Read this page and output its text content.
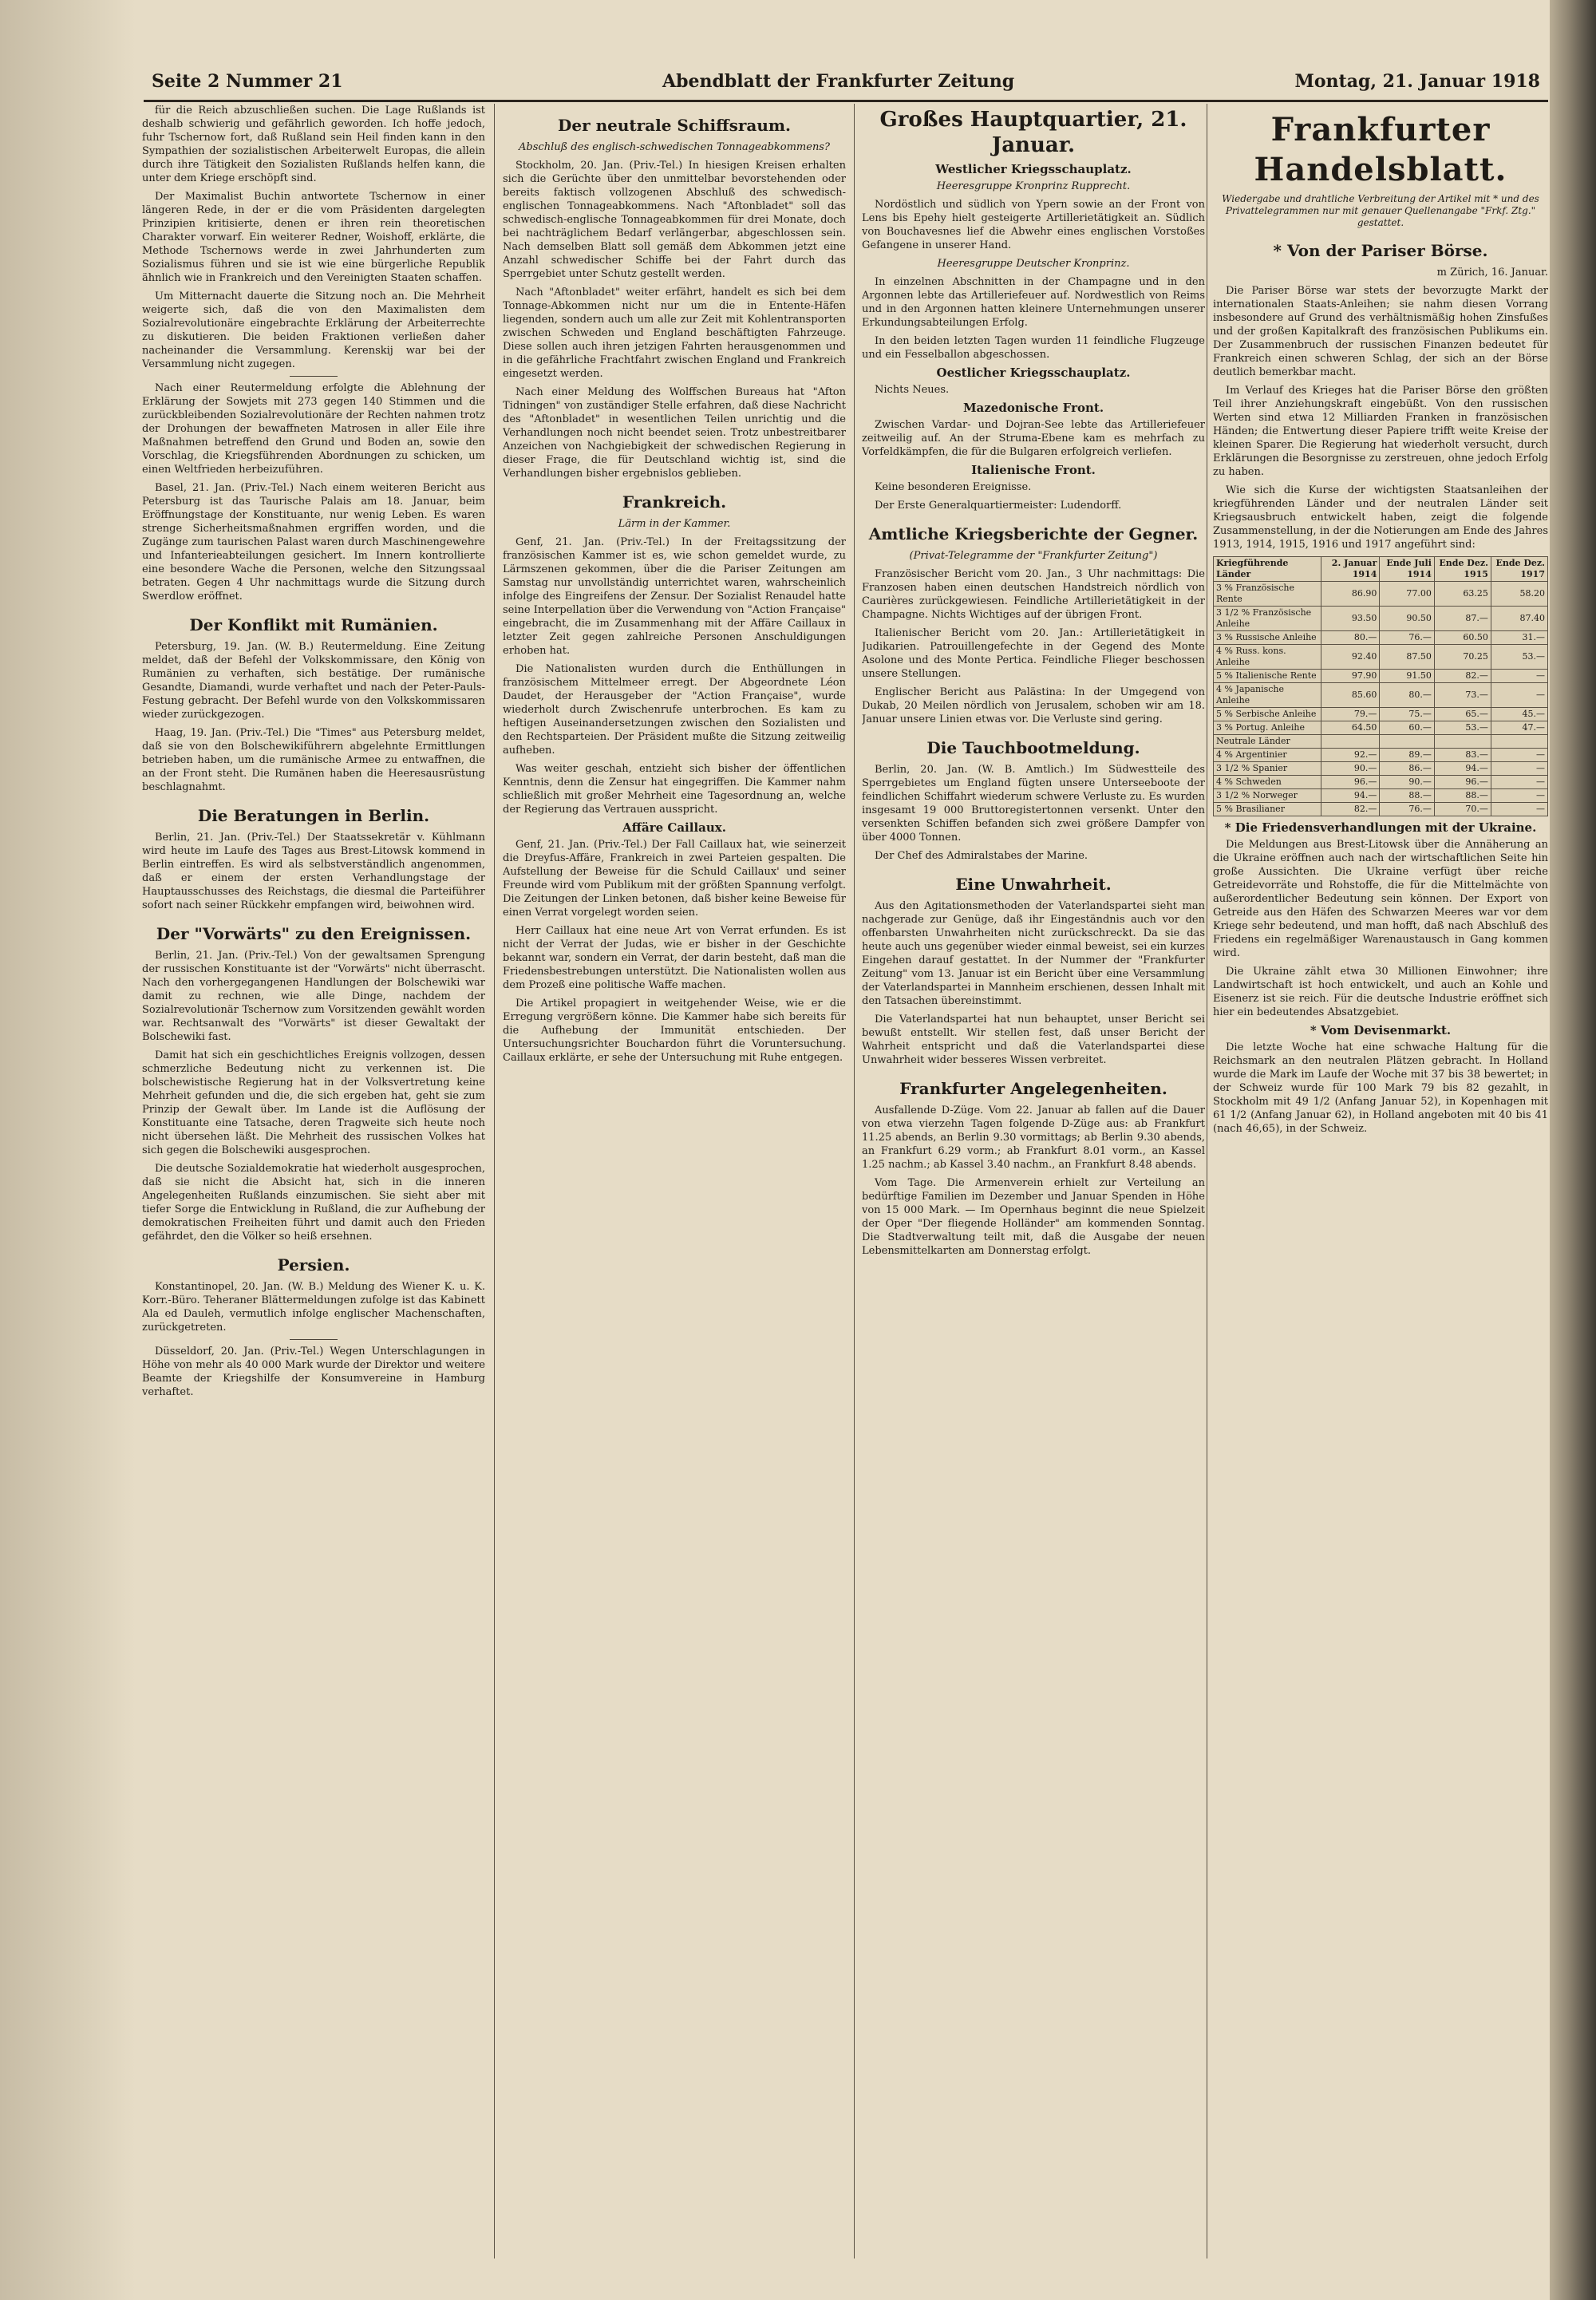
Seite 2 Nummer 21	Abendblatt der Frankfurter Zeitung	Montag, 21. Januar 1918

für die Reich abzuschließen suchen. Die Lage Rußlands ist deshalb schwierig und gefährlich geworden. Ich hoffe jedoch, fuhr Tschernow fort, daß Rußland sein Heil finden kann in den Sympathien der sozialistischen Arbeiterwelt Europas, die allein durch ihre Tätigkeit den Sozialisten Rußlands helfen kann, die unter dem Kriege erschöpft sind.

Der Maximalist Buchin antwortete Tschernow in einer längeren Rede, in der er die vom Präsidenten dargelegten Prinzipien kritisierte, denen er ihren rein theoretischen Charakter vorwarf. Ein weiterer Redner, Woishoff, erklärte, die Methode Tschernows werde in zwei Jahrhunderten zum Sozialismus führen und sie ist wie eine bürgerliche Republik ähnlich wie in Frankreich und den Vereinigten Staaten schaffen.

Um Mitternacht dauerte die Sitzung noch an. Die Mehrheit weigerte sich, daß die von den Maximalisten dem Sozialrevolutionäre eingebrachte Erklärung der Arbeiterrechte zu diskutieren. Die beiden Fraktionen verließen daher nacheinander die Versammlung. Kerenskij war bei der Versammlung nicht zugegen.

Nach einer Reutermeldung erfolgte die Ablehnung der Erklärung der Sowjets mit 273 gegen 140 Stimmen und die zurückbleibenden Sozialrevolutionäre der Rechten nahmen trotz der Drohungen der bewaffneten Matrosen in aller Eile ihre Maßnahmen betreffend den Grund und Boden an, sowie den Vorschlag, die Kriegsführenden Abordnungen zu schicken, um einen Weltfrieden herbeizuführen.

Basel, 21. Jan. (Priv.-Tel.) Nach einem weiteren Bericht aus Petersburg ist das Taurische Palais am 18. Januar, beim Eröffnungstage der Konstituante, nur wenig Leben. Es waren strenge Sicherheitsmaßnahmen ergriffen worden, und die Zugänge zum taurischen Palast waren durch Maschinengewehre und Infanterieabteilungen gesichert. Im Innern kontrollierte eine besondere Wache die Personen, welche den Sitzungssaal betraten. Gegen 4 Uhr nachmittags wurde die Sitzung durch Swerdlow eröffnet.

Der Konflikt mit Rumänien.

Petersburg, 19. Jan. (W. B.) Reutermeldung. Eine Zeitung meldet, daß der Befehl der Volkskommissare, den König von Rumänien zu verhaften, sich bestätige. Der rumänische Gesandte, Diamandi, wurde verhaftet und nach der Peter-Pauls-Festung gebracht. Der Befehl wurde von den Volkskommissaren wieder zurückgezogen.

Haag, 19. Jan. (Priv.-Tel.) Die "Times" aus Petersburg meldet, daß sie von den Bolschewikiführern abgelehnte Ermittlungen betrieben haben, um die rumänische Armee zu entwaffnen, die an der Front steht. Die Rumänen haben die Heeresausrüstung beschlagnahmt.

Die Beratungen in Berlin.

Berlin, 21. Jan. (Priv.-Tel.) Der Staatssekretär v. Kühlmann wird heute im Laufe des Tages aus Brest-Litowsk kommend in Berlin eintreffen. Es wird als selbstverständlich angenommen, daß er einem der ersten Verhandlungstage der Hauptausschusses des Reichstags, die diesmal die Parteiführer sofort nach seiner Rückkehr empfangen wird, beiwohnen wird.

Der "Vorwärts" zu den Ereignissen.

Berlin, 21. Jan. (Priv.-Tel.) Von der gewaltsamen Sprengung der russischen Konstituante ist der "Vorwärts" nicht überrascht. Nach den vorhergegangenen Handlungen der Bolschewiki war damit zu rechnen, wie alle Dinge, nachdem der Sozialrevolutionär Tschernow zum Vorsitzenden gewählt worden war. Rechtsanwalt des "Vorwärts" ist dieser Gewaltakt der Bolschewiki fast.

Damit hat sich ein geschichtliches Ereignis vollzogen, dessen schmerzliche Bedeutung nicht zu verkennen ist. Die bolschewistische Regierung hat in der Volksvertretung keine Mehrheit gefunden und die, die sich ergeben hat, geht sie zum Prinzip der Gewalt über. Im Lande ist die Auflösung der Konstituante eine Tatsache, deren Tragweite sich heute noch nicht übersehen läßt. Die Mehrheit des russischen Volkes hat sich gegen die Bolschewiki ausgesprochen.

Die deutsche Sozialdemokratie hat wiederholt ausgesprochen, daß sie nicht die Absicht hat, sich in die inneren Angelegenheiten Rußlands einzumischen. Sie sieht aber mit tiefer Sorge die Entwicklung in Rußland, die zur Aufhebung der demokratischen Freiheiten führt und damit auch den Frieden gefährdet, den die Völker so heiß ersehnen.

Persien.

Konstantinopel, 20. Jan. (W. B.) Meldung des Wiener K. u. K. Korr.-Büro. Teheraner Blättermeldungen zufolge ist das Kabinett Ala ed Dauleh, vermutlich infolge englischer Machenschaften, zurückgetreten.

Düsseldorf, 20. Jan. (Priv.-Tel.) Wegen Unterschlagungen in Höhe von mehr als 40 000 Mark wurde der Direktor und weitere Beamte der Kriegshilfe der Konsumvereine in Hamburg verhaftet.

Der neutrale Schiffsraum.
Abschluß des englisch-schwedischen Tonnageabkommens?

Stockholm, 20. Jan. (Priv.-Tel.) In hiesigen Kreisen erhalten sich die Gerüchte über den unmittelbar bevorstehenden oder bereits faktisch vollzogenen Abschluß des schwedisch-englischen Tonnageabkommens. Nach "Aftonbladet" soll das schwedisch-englische Tonnageabkommen für drei Monate, doch bei nachträglichem Bedarf verlängerbar, abgeschlossen sein. Nach demselben Blatt soll gemäß dem Abkommen jetzt eine Anzahl schwedischer Schiffe bei der Fahrt durch das Sperrgebiet unter Schutz gestellt werden.

Nach "Aftonbladet" weiter erfährt, handelt es sich bei dem Tonnage-Abkommen nicht nur um die in Entente-Häfen liegenden, sondern auch um alle zur Zeit mit Kohlentransporten zwischen Schweden und England beschäftigten Fahrzeuge. Diese sollen auch ihren jetzigen Fahrten herausgenommen und in die gefährliche Frachtfahrt zwischen England und Frankreich eingesetzt werden.

Nach einer Meldung des Wolffschen Bureaus hat "Afton Tidningen" von zuständiger Stelle erfahren, daß diese Nachricht des "Aftonbladet" in wesentlichen Teilen unrichtig und die Verhandlungen noch nicht beendet seien. Trotz unbestreitbarer Anzeichen von Nachgiebigkeit der schwedischen Regierung in dieser Frage, die für Deutschland wichtig ist, sind die Verhandlungen bisher ergebnislos geblieben.

Frankreich.
Lärm in der Kammer.

Genf, 21. Jan. (Priv.-Tel.) In der Freitagssitzung der französischen Kammer ist es, wie schon gemeldet wurde, zu Lärmszenen gekommen, über die die Pariser Zeitungen am Samstag nur unvollständig unterrichtet waren, wahrscheinlich infolge des Eingreifens der Zensur. Der Sozialist Renaudel hatte seine Interpellation über die Verwendung von "Action Française" eingebracht, die im Zusammenhang mit der Affäre Caillaux in letzter Zeit gegen zahlreiche Personen Anschuldigungen erhoben hat.

Die Nationalisten wurden durch die Enthüllungen in französischem Mittelmeer erregt. Der Abgeordnete Léon Daudet, der Herausgeber der "Action Française", wurde wiederholt durch Zwischenrufe unterbrochen. Es kam zu heftigen Auseinandersetzungen zwischen den Sozialisten und den Rechtsparteien. Der Präsident mußte die Sitzung zeitweilig aufheben.

Was weiter geschah, entzieht sich bisher der öffentlichen Kenntnis, denn die Zensur hat eingegriffen. Die Kammer nahm schließlich mit großer Mehrheit eine Tagesordnung an, welche der Regierung das Vertrauen ausspricht.

Affäre Caillaux.

Genf, 21. Jan. (Priv.-Tel.) Der Fall Caillaux hat, wie seinerzeit die Dreyfus-Affäre, Frankreich in zwei Parteien gespalten. Die Aufstellung der Beweise für die Schuld Caillaux' und seiner Freunde wird vom Publikum mit der größten Spannung verfolgt. Die Zeitungen der Linken betonen, daß bisher keine Beweise für einen Verrat vorgelegt worden seien.

Herr Caillaux hat eine neue Art von Verrat erfunden. Es ist nicht der Verrat der Judas, wie er bisher in der Geschichte bekannt war, sondern ein Verrat, der darin besteht, daß man die Friedensbestrebungen unterstützt. Die Nationalisten wollen aus dem Prozeß eine politische Waffe machen.

Die Artikel propagiert in weitgehender Weise, wie er die Erregung vergrößern könne. Die Kammer habe sich bereits für die Aufhebung der Immunität entschieden. Der Untersuchungsrichter Bouchardon führt die Voruntersuchung. Caillaux erklärte, er sehe der Untersuchung mit Ruhe entgegen.

Großes Hauptquartier, 21. Januar.
Westlicher Kriegsschauplatz.
Heeresgruppe Kronprinz Rupprecht.

Nordöstlich und südlich von Ypern sowie an der Front von Lens bis Epehy hielt gesteigerte Artillerietätigkeit an. Südlich von Bouchavesnes lief die Abwehr eines englischen Vorstoßes Gefangene in unserer Hand.

Heeresgruppe Deutscher Kronprinz.

In einzelnen Abschnitten in der Champagne und in den Argonnen lebte das Artilleriefeuer auf. Nordwestlich von Reims und in den Argonnen hatten kleinere Unternehmungen unserer Erkundungsabteilungen Erfolg.

In den beiden letzten Tagen wurden 11 feindliche Flugzeuge und ein Fesselballon abgeschossen.

Oestlicher Kriegsschauplatz.

Nichts Neues.

Mazedonische Front.

Zwischen Vardar- und Dojran-See lebte das Artilleriefeuer zeitweilig auf. An der Struma-Ebene kam es mehrfach zu Vorfeldkämpfen, die für die Bulgaren erfolgreich verliefen.

Italienische Front.

Keine besonderen Ereignisse.

Der Erste Generalquartiermeister: Ludendorff.

Amtliche Kriegsberichte der Gegner.
(Privat-Telegramme der "Frankfurter Zeitung")

Französischer Bericht vom 20. Jan., 3 Uhr nachmittags: Die Franzosen haben einen deutschen Handstreich nördlich von Caurières zurückgewiesen. Feindliche Artillerietätigkeit in der Champagne. Nichts Wichtiges auf der übrigen Front.

Italienischer Bericht vom 20. Jan.: Artillerietätigkeit in Judikarien. Patrouillengefechte in der Gegend des Monte Asolone und des Monte Pertica. Feindliche Flieger beschossen unsere Stellungen.

Englischer Bericht aus Palästina: In der Umgegend von Dukab, 20 Meilen nördlich von Jerusalem, schoben wir am 18. Januar unsere Linien etwas vor. Die Verluste sind gering.

Die Tauchbootmeldung.

Berlin, 20. Jan. (W. B. Amtlich.) Im Südwestteile des Sperrgebietes um England fügten unsere Unterseeboote der feindlichen Schiffahrt wiederum schwere Verluste zu. Es wurden insgesamt 19 000 Bruttoregistertonnen versenkt. Unter den versenkten Schiffen befanden sich zwei größere Dampfer von über 4000 Tonnen.

Der Chef des Admiralstabes der Marine.

Eine Unwahrheit.

Aus den Agitationsmethoden der Vaterlandspartei sieht man nachgerade zur Genüge, daß ihr Eingeständnis auch vor den offenbarsten Unwahrheiten nicht zurückschreckt. Da sie das heute auch uns gegenüber wieder einmal beweist, sei ein kurzes Eingehen darauf gestattet. In der Nummer der "Frankfurter Zeitung" vom 13. Januar ist ein Bericht über eine Versammlung der Vaterlandspartei in Mannheim erschienen, dessen Inhalt mit den Tatsachen übereinstimmt.

Die Vaterlandspartei hat nun behauptet, unser Bericht sei bewußt entstellt. Wir stellen fest, daß unser Bericht der Wahrheit entspricht und daß die Vaterlandspartei diese Unwahrheit wider besseres Wissen verbreitet.

Frankfurter Angelegenheiten.

Ausfallende D-Züge. Vom 22. Januar ab fallen auf die Dauer von etwa vierzehn Tagen folgende D-Züge aus: ab Frankfurt 11.25 abends, an Berlin 9.30 vormittags; ab Berlin 9.30 abends, an Frankfurt 6.29 vorm.; ab Frankfurt 8.01 vorm., an Kassel 1.25 nachm.; ab Kassel 3.40 nachm., an Frankfurt 8.48 abends.

Vom Tage. Die Armenverein erhielt zur Verteilung an bedürftige Familien im Dezember und Januar Spenden in Höhe von 15 000 Mark. — Im Opernhaus beginnt die neue Spielzeit der Oper "Der fliegende Holländer" am kommenden Sonntag. Die Stadtverwaltung teilt mit, daß die Ausgabe der neuen Lebensmittelkarten am Donnerstag erfolgt.

Frankfurter Handelsblatt.
Wiedergabe und drahtliche Verbreitung der Artikel mit * und des Privattelegrammen nur mit genauer Quellenangabe "Frkf. Ztg." gestattet.
* Von der Pariser Börse.
m Zürich, 16. Januar.

Die Pariser Börse war stets der bevorzugte Markt der internationalen Staats-Anleihen; sie nahm diesen Vorrang insbesondere auf Grund des verhältnismäßig hohen Zinsfußes und der großen Kapitalkraft des französischen Publikums ein. Der Zusammenbruch der russischen Finanzen bedeutet für Frankreich einen schweren Schlag, der sich an der Börse deutlich bemerkbar macht.

Im Verlauf des Krieges hat die Pariser Börse den größten Teil ihrer Anziehungskraft eingebüßt. Von den russischen Werten sind etwa 12 Milliarden Franken in französischen Händen; die Entwertung dieser Papiere trifft weite Kreise der kleinen Sparer. Die Regierung hat wiederholt versucht, durch Erklärungen die Besorgnisse zu zerstreuen, ohne jedoch Erfolg zu haben.

Wie sich die Kurse der wichtigsten Staatsanleihen der kriegführenden Länder und der neutralen Länder seit Kriegsausbruch entwickelt haben, zeigt die folgende Zusammenstellung, in der die Notierungen am Ende des Jahres 1913, 1914, 1915, 1916 und 1917 angeführt sind:

Kriegführende Länder	2. Januar 1914	Ende Juli 1914	Ende Dez. 1915	Ende Dez. 1917
3 % Französische Rente	86.90	77.00	63.25	58.20
3 1/2 % Französische Anleihe	93.50	90.50	87.—	87.40
3 % Russische Anleihe	80.—	76.—	60.50	31.—
4 % Russ. kons. Anleihe	92.40	87.50	70.25	53.—
5 % Italienische Rente	97.90	91.50	82.—	—
4 % Japanische Anleihe	85.60	80.—	73.—	—
5 % Serbische Anleihe	79.—	75.—	65.—	45.—
3 % Portug. Anleihe	64.50	60.—	53.—	47.—
Neutrale Länder				
4 % Argentinier	92.—	89.—	83.—	—
3 1/2 % Spanier	90.—	86.—	94.—	—
4 % Schweden	96.—	90.—	96.—	—
3 1/2 % Norweger	94.—	88.—	88.—	—
5 % Brasilianer	82.—	76.—	70.—	—
* Die Friedensverhandlungen mit der Ukraine.

Die Meldungen aus Brest-Litowsk über die Annäherung an die Ukraine eröffnen auch nach der wirtschaftlichen Seite hin große Aussichten. Die Ukraine verfügt über reiche Getreidevorräte und Rohstoffe, die für die Mittelmächte von außerordentlicher Bedeutung sein können. Der Export von Getreide aus den Häfen des Schwarzen Meeres war vor dem Kriege sehr bedeutend, und man hofft, daß nach Abschluß des Friedens ein regelmäßiger Warenaustausch in Gang kommen wird.

Die Ukraine zählt etwa 30 Millionen Einwohner; ihre Landwirtschaft ist hoch entwickelt, und auch an Kohle und Eisenerz ist sie reich. Für die deutsche Industrie eröffnet sich hier ein bedeutendes Absatzgebiet.

* Vom Devisenmarkt.

Die letzte Woche hat eine schwache Haltung für die Reichsmark an den neutralen Plätzen gebracht. In Holland wurde die Mark im Laufe der Woche mit 37 bis 38 bewertet; in der Schweiz wurde für 100 Mark 79 bis 82 gezahlt, in Stockholm mit 49 1/2 (Anfang Januar 52), in Kopenhagen mit 61 1/2 (Anfang Januar 62), in Holland angeboten mit 40 bis 41 (nach 46,65), in der Schweiz.
